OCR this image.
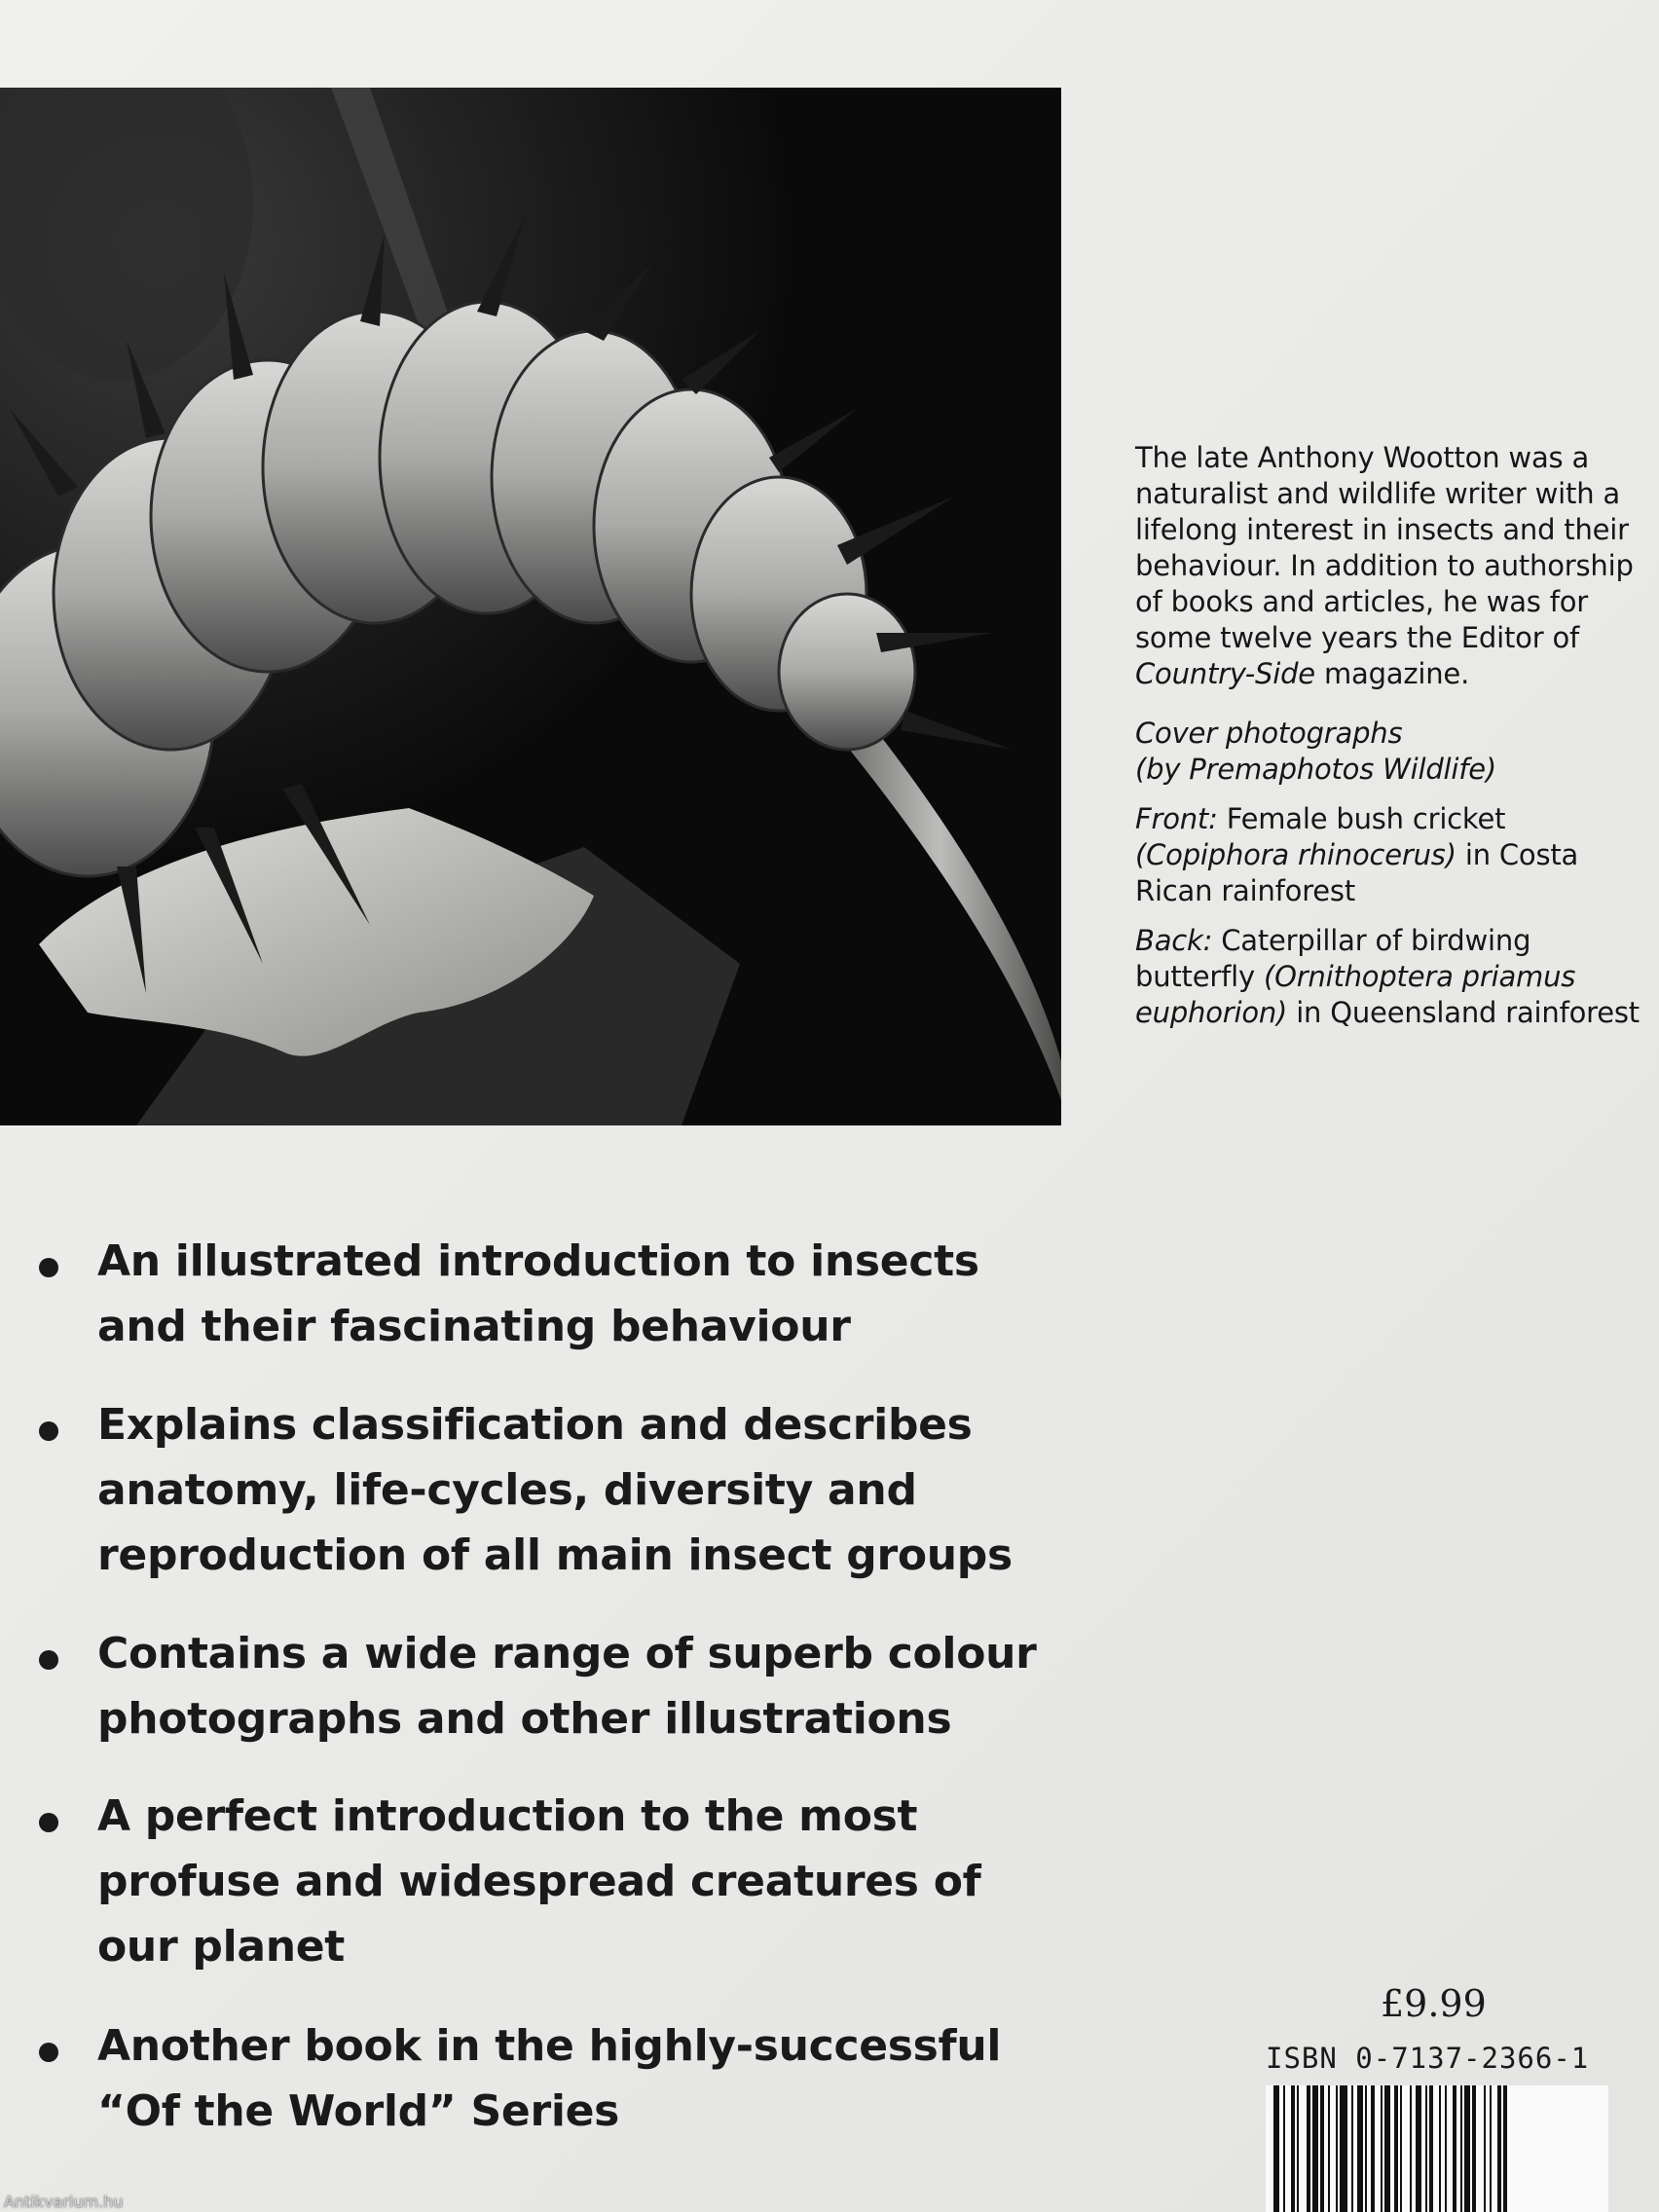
The late Anthony Wootton was a naturalist and wildlife writer with a lifelong interest in insects and their behaviour. In addition to authorship of books and articles, he was for some twelve years the Editor of Country-Side magazine.

Cover photographs
(by Premaphotos Wildlife)

Front: Female bush cricket (Copiphora rhinocerus) in Costa Rican rainforest

Back: Caterpillar of birdwing butterfly (Ornithoptera priamus euphorion) in Queensland rainforest

An illustrated introduction to insects and their fascinating behaviour
Explains classification and describes anatomy, life-cycles, diversity and reproduction of all main insect groups
Contains a wide range of superb colour photographs and other illustrations
A perfect introduction to the most profuse and widespread creatures of our planet
Another book in the highly-successful “Of the World” Series
£9.99
ISBN 0-7137-2366-1
Antikvarium.hu
